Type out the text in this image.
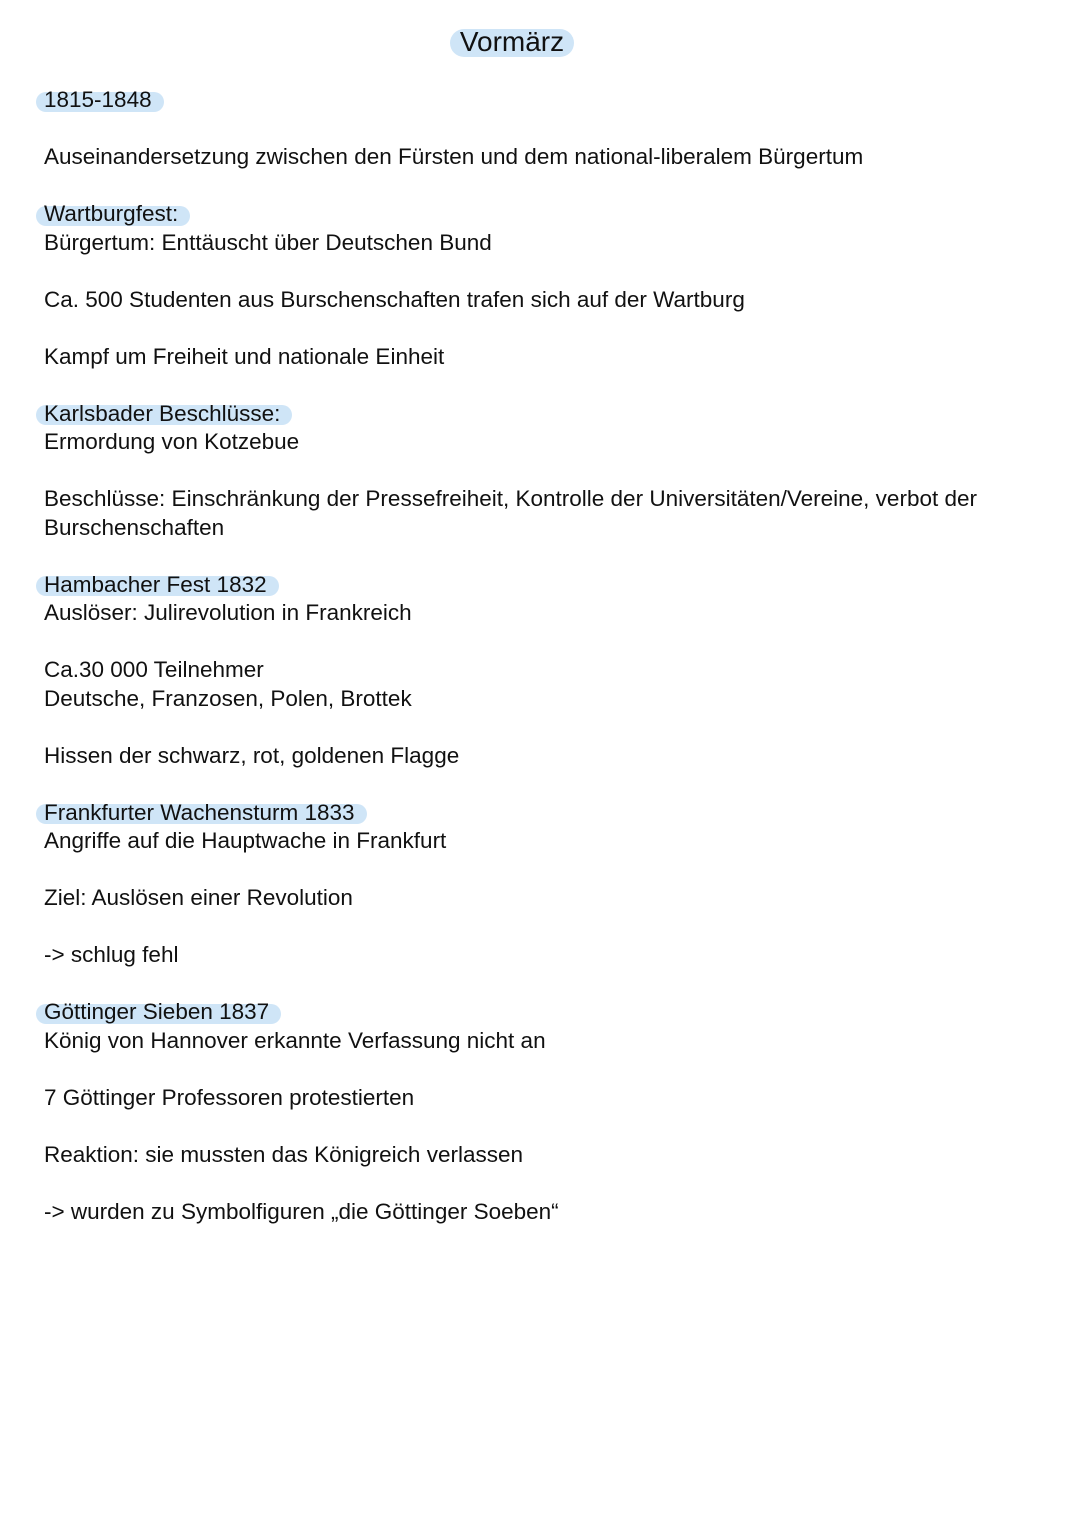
Vormärz
1815-1848
Auseinandersetzung zwischen den Fürsten und dem national-liberalem Bürgertum
Wartburgfest:
Bürgertum: Enttäuscht über Deutschen Bund
Ca. 500 Studenten aus Burschenschaften trafen sich auf der Wartburg
Kampf um Freiheit und nationale Einheit
Karlsbader Beschlüsse:
Ermordung von Kotzebue
Beschlüsse: Einschränkung der Pressefreiheit, Kontrolle der Universitäten/Vereine, verbot der Burschenschaften
Hambacher Fest 1832
Auslöser: Julirevolution in Frankreich
Ca.30 000 Teilnehmer
Deutsche, Franzosen, Polen, Brottek
Hissen der schwarz, rot, goldenen Flagge
Frankfurter Wachensturm 1833
Angriffe auf die Hauptwache in Frankfurt
Ziel: Auslösen einer Revolution
-> schlug fehl
Göttinger Sieben 1837
König von Hannover erkannte Verfassung nicht an
7 Göttinger Professoren protestierten
Reaktion: sie mussten das Königreich verlassen
-> wurden zu Symbolfiguren „die Göttinger Soeben“
